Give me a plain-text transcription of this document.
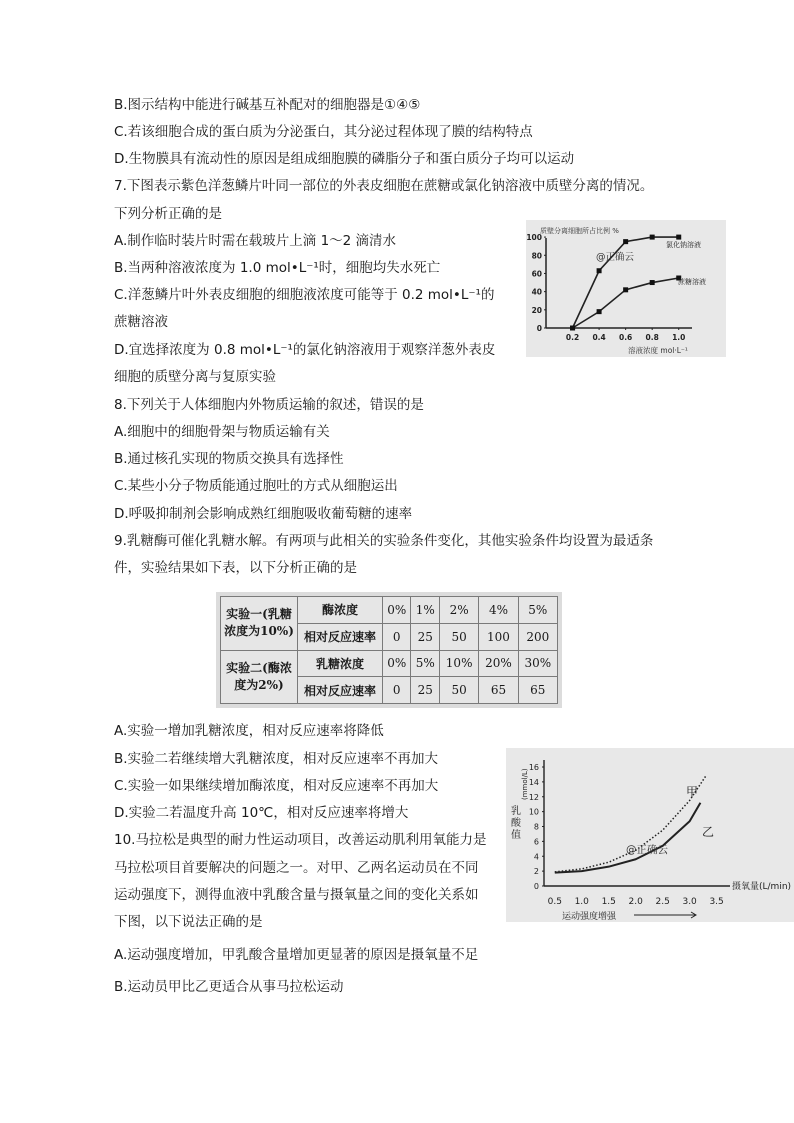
B.图示结构中能进行碱基互补配对的细胞器是①④⑤
C.若该细胞合成的蛋白质为分泌蛋白，其分泌过程体现了膜的结构特点
D.生物膜具有流动性的原因是组成细胞膜的磷脂分子和蛋白质分子均可以运动
7.下图表示紫色洋葱鳞片叶同一部位的外表皮细胞在蔗糖或氯化钠溶液中质壁分离的情况。
下列分析正确的是
A.制作临时装片时需在载玻片上滴 1～2 滴清水
B.当两种溶液浓度为 1.0 mol•L⁻¹时，细胞均失水死亡
C.洋葱鳞片叶外表皮细胞的细胞液浓度可能等于 0.2 mol•L⁻¹的
蔗糖溶液
D.宜选择浓度为 0.8 mol•L⁻¹的氯化钠溶液用于观察洋葱外表皮
细胞的质壁分离与复原实验
8.下列关于人体细胞内外物质运输的叙述，错误的是
A.细胞中的细胞骨架与物质运输有关
B.通过核孔实现的物质交换具有选择性
C.某些小分子物质能通过胞吐的方式从细胞运出
D.呼吸抑制剂会影响成熟红细胞吸收葡萄糖的速率
9.乳糖酶可催化乳糖水解。有两项与此相关的实验条件变化，其他实验条件均设置为最适条
件，实验结果如下表，以下分析正确的是
A.实验一增加乳糖浓度，相对反应速率将降低
B.实验二若继续增大乳糖浓度，相对反应速率不再加大
C.实验一如果继续增加酶浓度，相对反应速率不再加大
D.实验二若温度升高 10℃，相对反应速率将增大
10.马拉松是典型的耐力性运动项目，改善运动肌利用氧能力是
马拉松项目首要解决的问题之一。对甲、乙两名运动员在不同
运动强度下，测得血液中乳酸含量与摄氧量之间的变化关系如
下图，以下说法正确的是
A.运动强度增加，甲乳酸含量增加更显著的原因是摄氧量不足
B.运动员甲比乙更适合从事马拉松运动
质壁分离细胞所占比例 %
0
20
40
60
80
100
0.2 0.4 0.6 0.8 1.0
溶液浓度 mol·L⁻¹
氯化钠溶液
蔗糖溶液
@正确云
实验一(乳糖浓度为10%)	酶浓度	0%	1%	2%	4%	5%
	相对反应速率	0	25	50	100	200
实验二(酶浓度为2%)	乳糖浓度	0%	5%	10%	20%	30%
	相对反应速率	0	25	50	65	65
0
2
4
6
8
10
12
14
16
0.5 1.0 1.5 2.0 2.5 3.0 3.5
摄氧量(L/min)
运动强度增强
乳
酸
值
(mmol/L)	甲
乙
@正确云
